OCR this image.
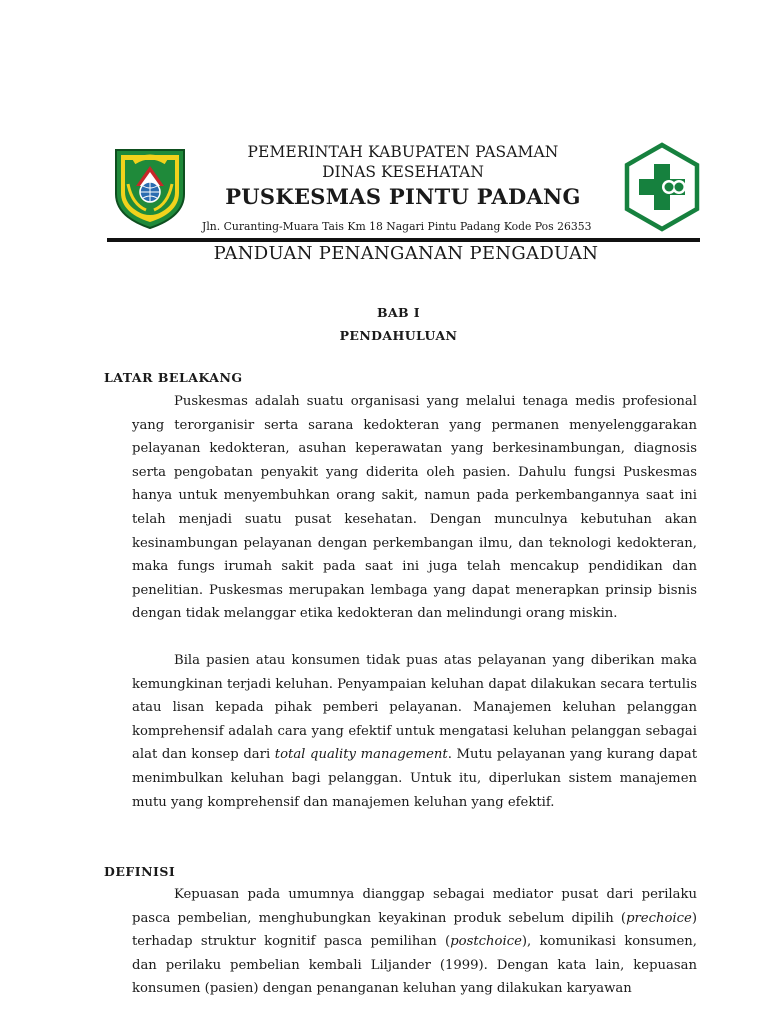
PEMERINTAH KABUPATEN PASAMAN
DINAS KESEHATAN
PUSKESMAS PINTU PADANG
Jln. Curanting-Muara Tais Km 18 Nagari Pintu Padang Kode Pos 26353
PANDUAN PENANGANAN PENGADUAN
BAB I
PENDAHULUAN
LATAR BELAKANG

Puskesmas adalah suatu organisasi yang melalui tenaga medis profesional yang terorganisir serta sarana kedokteran yang permanen menyelenggarakan pelayanan kedokteran, asuhan keperawatan yang berkesinambungan, diagnosis serta pengobatan penyakit yang diderita oleh pasien. Dahulu fungsi Puskesmas hanya untuk menyembuhkan orang sakit, namun pada perkembangannya saat ini telah menjadi suatu pusat kesehatan. Dengan munculnya kebutuhan akan kesinambungan pelayanan dengan perkembangan ilmu, dan teknologi kedokteran, maka fungs irumah sakit pada saat ini juga telah mencakup pendidikan dan penelitian. Puskesmas merupakan lembaga yang dapat menerapkan prinsip bisnis dengan tidak melanggar etika kedokteran dan melindungi orang miskin.

Bila pasien atau konsumen tidak puas atas pelayanan yang diberikan maka kemungkinan terjadi keluhan. Penyampaian keluhan dapat dilakukan secara tertulis atau lisan kepada pihak pemberi pelayanan. Manajemen keluhan pelanggan komprehensif adalah cara yang efektif untuk mengatasi keluhan pelanggan sebagai alat dan konsep dari total quality management. Mutu pelayanan yang kurang dapat menimbulkan keluhan bagi pelanggan. Untuk itu, diperlukan sistem manajemen mutu yang komprehensif dan manajemen keluhan yang efektif.

DEFINISI

Kepuasan pada umumnya dianggap sebagai mediator pusat dari perilaku pasca pembelian, menghubungkan keyakinan produk sebelum dipilih (prechoice) terhadap struktur kognitif pasca pemilihan (postchoice), komunikasi konsumen, dan perilaku pembelian kembali Liljander (1999). Dengan kata lain, kepuasan konsumen (pasien) dengan penanganan keluhan yang dilakukan karyawan
